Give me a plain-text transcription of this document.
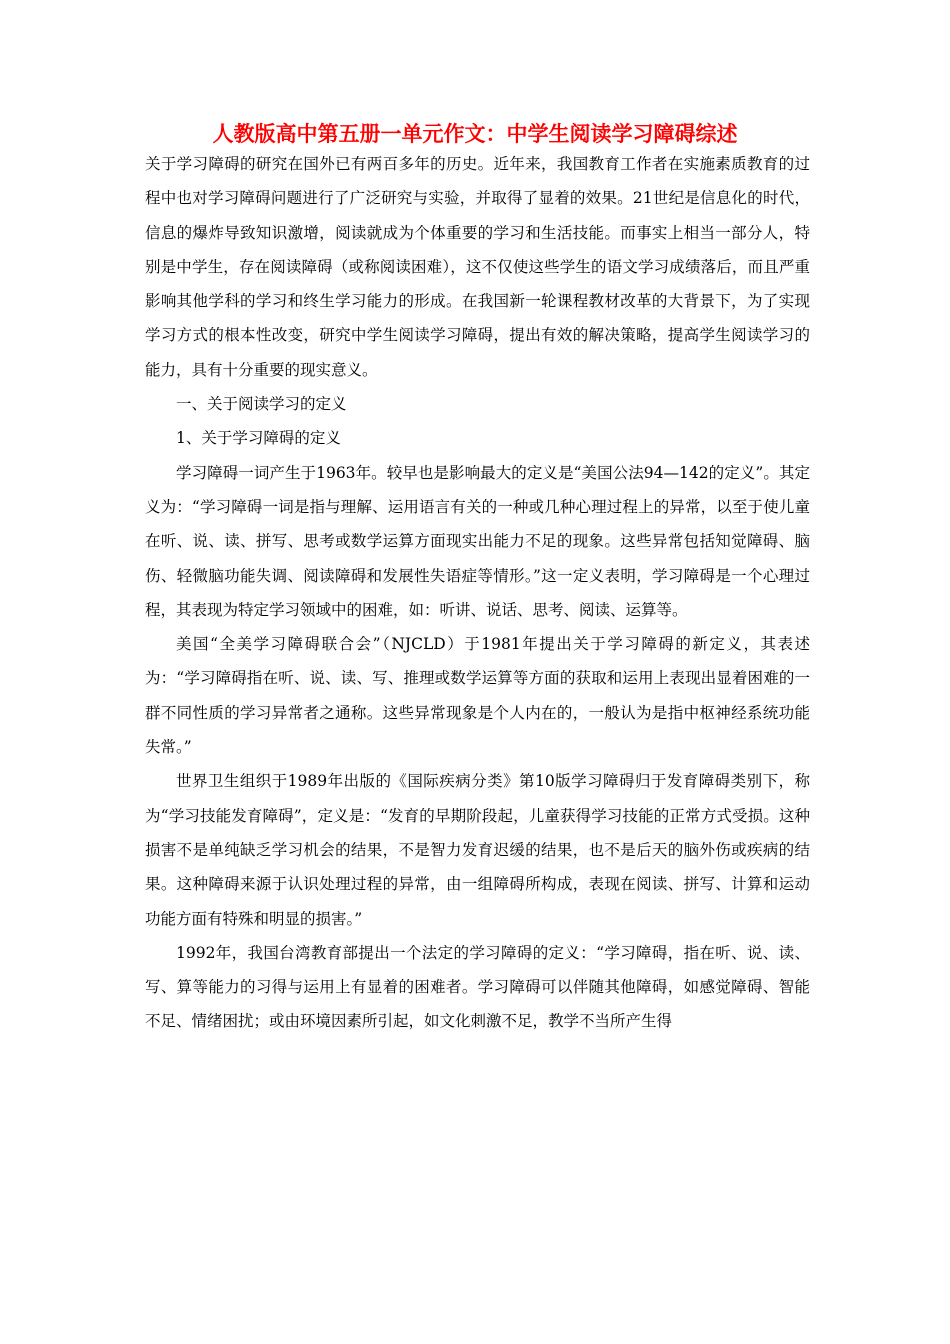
人教版高中第五册一单元作文：中学生阅读学习障碍综述

关于学习障碍的研究在国外已有两百多年的历史。近年来，我国教育工作者在实施素质教育的过程中也对学习障碍问题进行了广泛研究与实验，并取得了显着的效果。21世纪是信息化的时代，信息的爆炸导致知识激增，阅读就成为个体重要的学习和生活技能。而事实上相当一部分人，特别是中学生，存在阅读障碍（或称阅读困难），这不仅使这些学生的语文学习成绩落后，而且严重影响其他学科的学习和终生学习能力的形成。在我国新一轮课程教材改革的大背景下，为了实现学习方式的根本性改变，研究中学生阅读学习障碍，提出有效的解决策略，提高学生阅读学习的能力，具有十分重要的现实意义。

一、关于阅读学习的定义

1、关于学习障碍的定义

学习障碍一词产生于1963年。较早也是影响最大的定义是“美国公法94—142的定义”。其定义为：“学习障碍一词是指与理解、运用语言有关的一种或几种心理过程上的异常，以至于使儿童在听、说、读、拼写、思考或数学运算方面现实出能力不足的现象。这些异常包括知觉障碍、脑伤、轻微脑功能失调、阅读障碍和发展性失语症等情形。”这一定义表明，学习障碍是一个心理过程，其表现为特定学习领域中的困难，如：听讲、说话、思考、阅读、运算等。

美国“全美学习障碍联合会”（NJCLD）于1981年提出关于学习障碍的新定义，其表述为：“学习障碍指在听、说、读、写、推理或数学运算等方面的获取和运用上表现出显着困难的一群不同性质的学习异常者之通称。这些异常现象是个人内在的，一般认为是指中枢神经系统功能失常。”

世界卫生组织于1989年出版的《国际疾病分类》第10版学习障碍归于发育障碍类别下，称为“学习技能发育障碍”，定义是：“发育的早期阶段起，儿童获得学习技能的正常方式受损。这种损害不是单纯缺乏学习机会的结果，不是智力发育迟缓的结果，也不是后天的脑外伤或疾病的结果。这种障碍来源于认识处理过程的异常，由一组障碍所构成，表现在阅读、拼写、计算和运动功能方面有特殊和明显的损害。”

1992年，我国台湾教育部提出一个法定的学习障碍的定义：“学习障碍，指在听、说、读、写、算等能力的习得与运用上有显着的困难者。学习障碍可以伴随其他障碍，如感觉障碍、智能不足、情绪困扰；或由环境因素所引起，如文化刺激不足，教学不当所产生得
